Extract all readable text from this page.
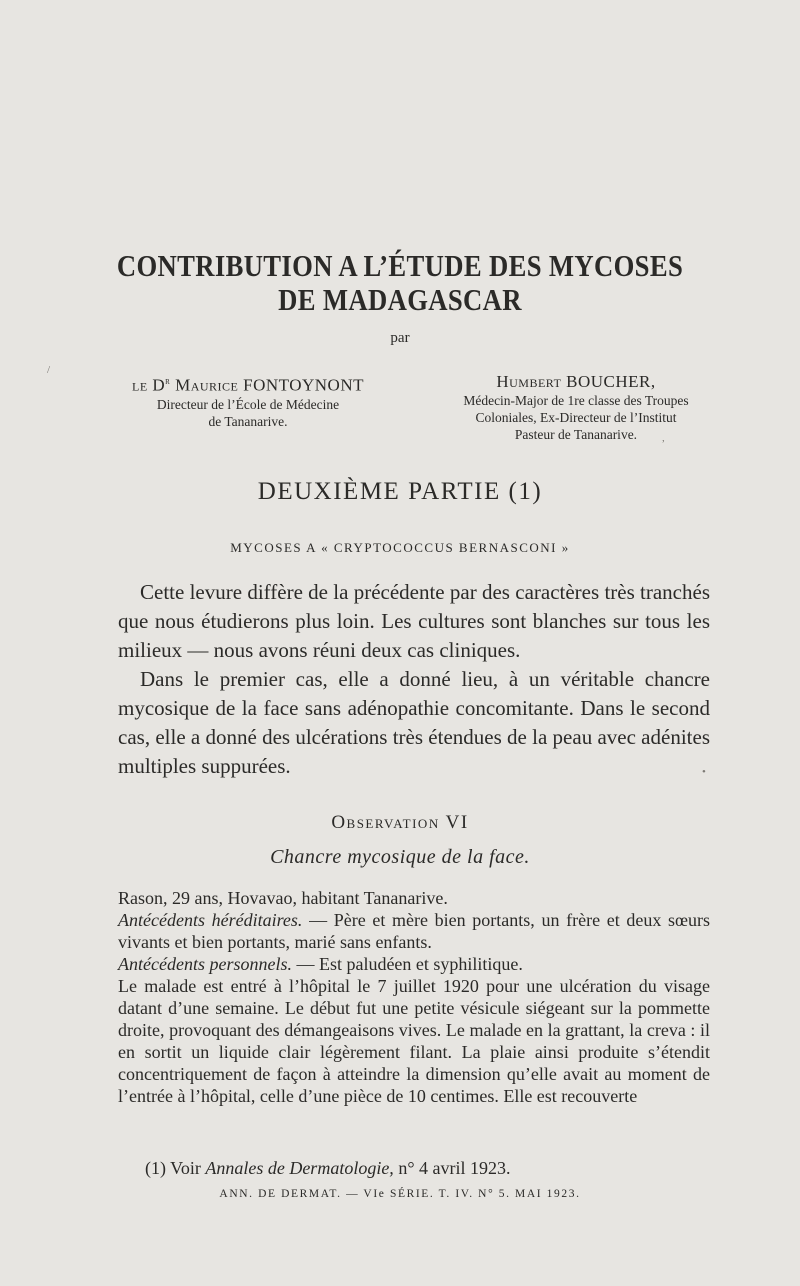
CONTRIBUTION A L’ÉTUDE DES MYCOSES
DE MADAGASCAR
par
le $D^r$ Maurice FONTOYNONT
Directeur de l’École de Médecine
de Tananarive.
Humbert BOUCHER,
Médecin-Major de 1re classe des Troupes
Coloniales, Ex-Directeur de l’Institut
Pasteur de Tananarive.
DEUXIÈME PARTIE (1)
MYCOSES A « CRYPTOCOCCUS BERNASCONI »

Cette levure diffère de la précédente par des caractères très tranchés que nous étudierons plus loin. Les cultures sont blanches sur tous les milieux — nous avons réuni deux cas cliniques.

Dans le premier cas, elle a donné lieu, à un véritable chancre mycosique de la face sans adénopathie concomitante. Dans le second cas, elle a donné des ulcérations très étendues de la peau avec adénites multiples suppurées.

Observation VI
Chancre mycosique de la face.

Rason, 29 ans, Hovavao, habitant Tananarive.

Antécédents héréditaires. — Père et mère bien portants, un frère et deux sœurs vivants et bien portants, marié sans enfants.

Antécédents personnels. — Est paludéen et syphilitique.

Le malade est entré à l’hôpital le 7 juillet 1920 pour une ulcération du visage datant d’une semaine. Le début fut une petite vésicule siégeant sur la pommette droite, provoquant des démangeaisons vives. Le malade en la grattant, la creva : il en sortit un liquide clair légèrement filant. La plaie ainsi produite s’étendit concentriquement de façon à atteindre la dimension qu’elle avait au moment de l’entrée à l’hôpital, celle d’une pièce de 10 centimes. Elle est recouverte

(1) Voir Annales de Dermatologie, n° 4 avril 1923.
ANN. DE DERMAT. — VIe SÉRIE. T. IV. N° 5. MAI 1923.
/
,
•
